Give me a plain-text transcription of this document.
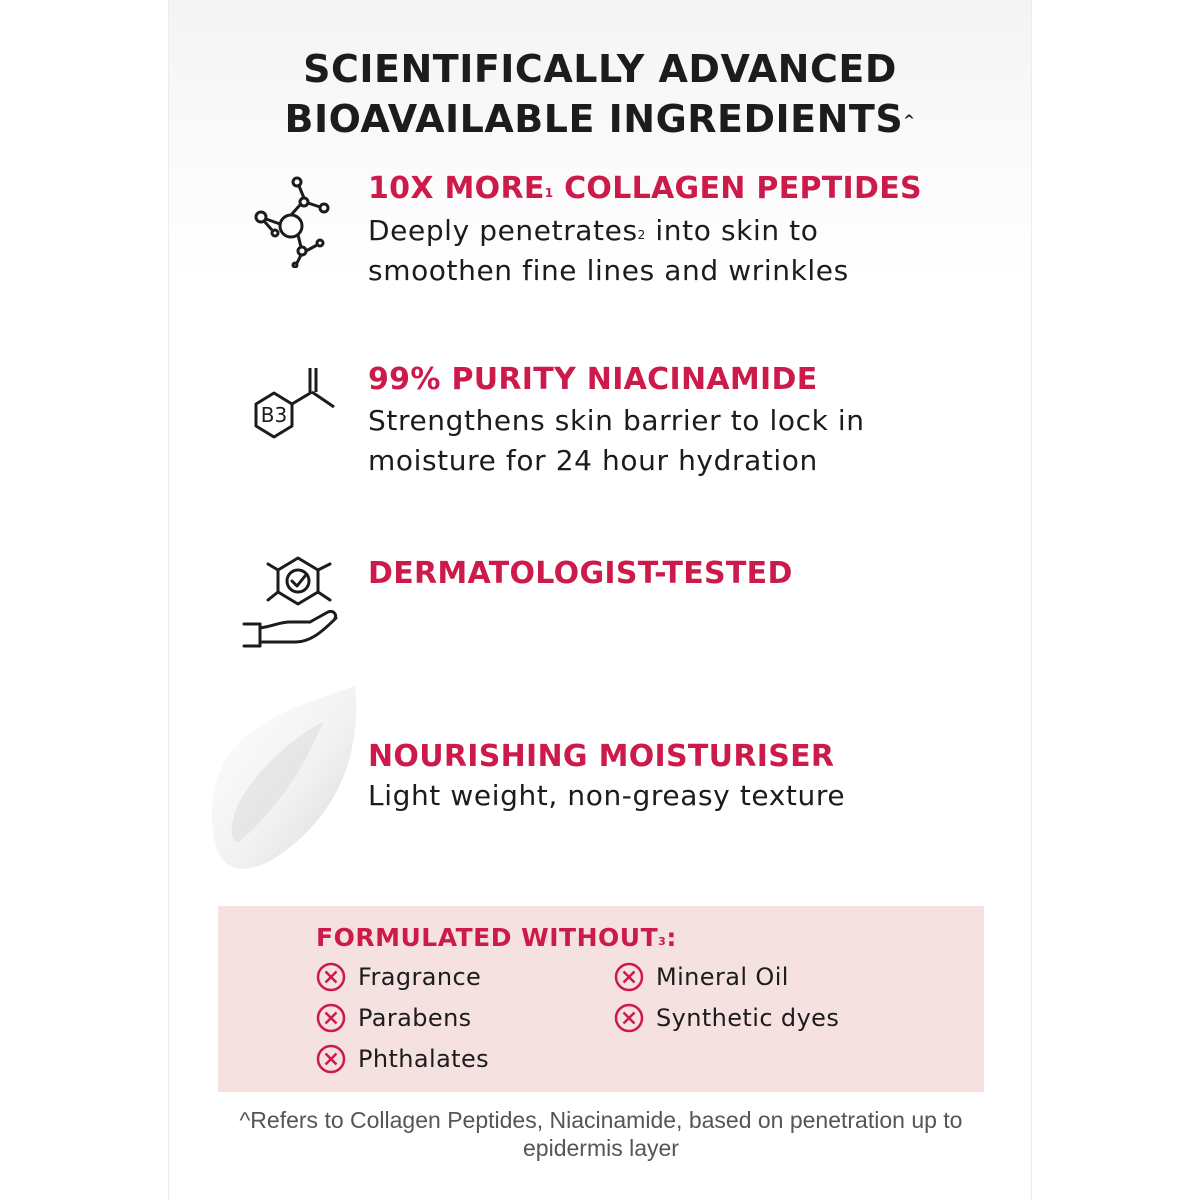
SCIENTIFICALLY ADVANCED
BIOAVAILABLE INGREDIENTS^
10X MORE$^1$ COLLAGEN PEPTIDES
Deeply penetrates$^2$ into skin to
smoothen fine lines and wrinkles
B3
99% PURITY NIACINAMIDE
Strengthens skin barrier to lock in
moisture for 24 hour hydration
DERMATOLOGIST-TESTED
NOURISHING MOISTURISER
Light weight, non-greasy texture
FORMULATED WITHOUT$^3$:
Fragrance
Parabens
Phthalates
Mineral Oil
Synthetic dyes
^Refers to Collagen Peptides, Niacinamide, based on penetration up to
epidermis layer
